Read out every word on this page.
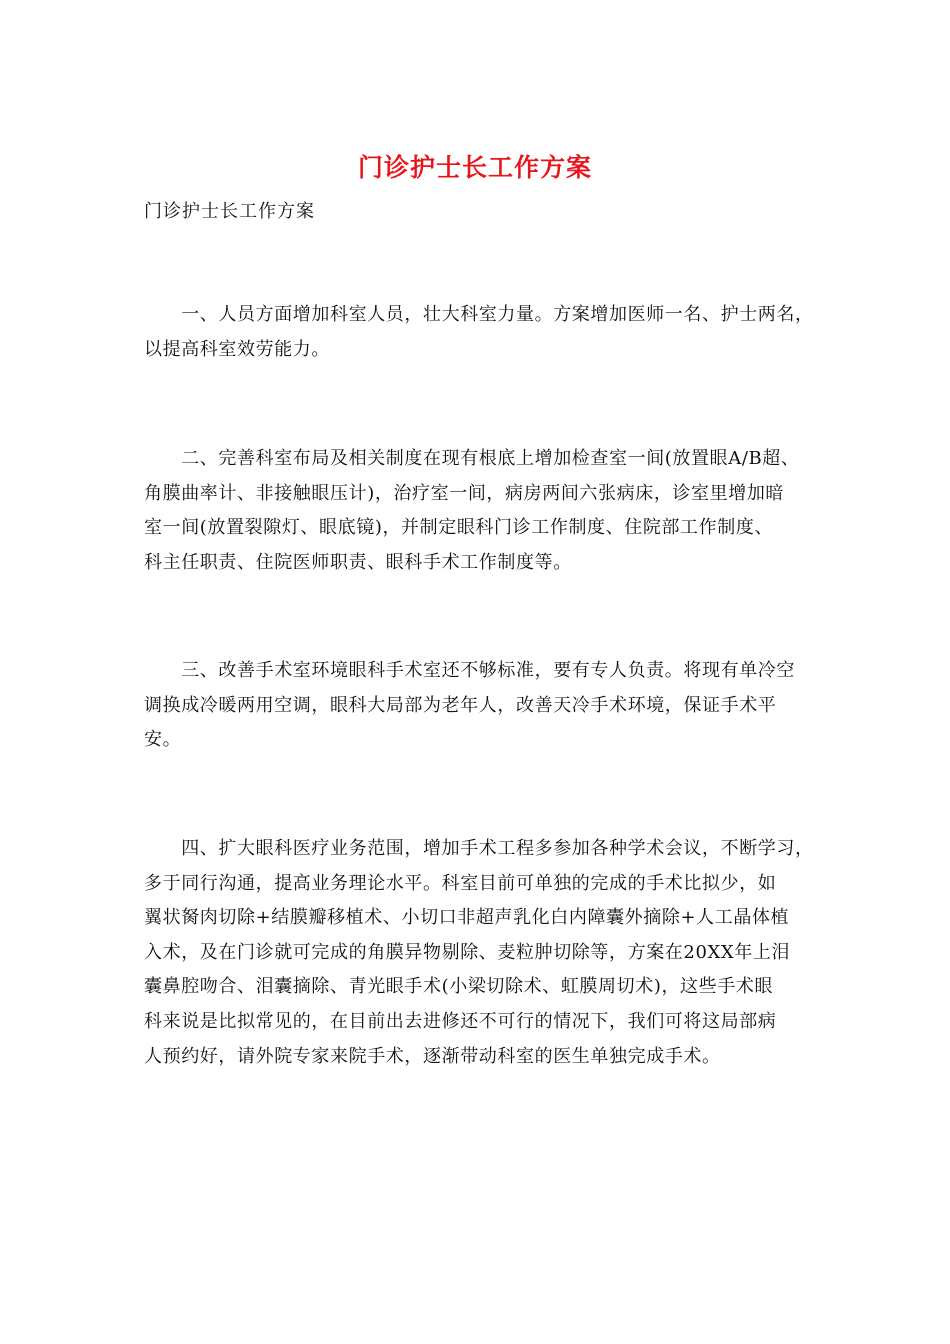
门诊护士长工作方案
门诊护士长工作方案
　　一、人员方面增加科室人员，壮大科室力量。方案增加医师一名、护士两名，
以提高科室效劳能力。
　　二、完善科室布局及相关制度在现有根底上增加检查室一间(放置眼A/B超、
角膜曲率计、非接触眼压计)，治疗室一间，病房两间六张病床，诊室里增加暗
室一间(放置裂隙灯、眼底镜)，并制定眼科门诊工作制度、住院部工作制度、
科主任职责、住院医师职责、眼科手术工作制度等。
　　三、改善手术室环境眼科手术室还不够标准，要有专人负责。将现有单冷空
调换成冷暖两用空调，眼科大局部为老年人，改善天冷手术环境，保证手术平
安。
　　四、扩大眼科医疗业务范围，增加手术工程多参加各种学术会议，不断学习，
多于同行沟通，提高业务理论水平。科室目前可单独的完成的手术比拟少，如
翼状胬肉切除+结膜瓣移植术、小切口非超声乳化白内障囊外摘除+人工晶体植
入术，及在门诊就可完成的角膜异物剔除、麦粒肿切除等，方案在20XX年上泪
囊鼻腔吻合、泪囊摘除、青光眼手术(小梁切除术、虹膜周切术)，这些手术眼
科来说是比拟常见的，在目前出去进修还不可行的情况下，我们可将这局部病
人预约好，请外院专家来院手术，逐渐带动科室的医生单独完成手术。
